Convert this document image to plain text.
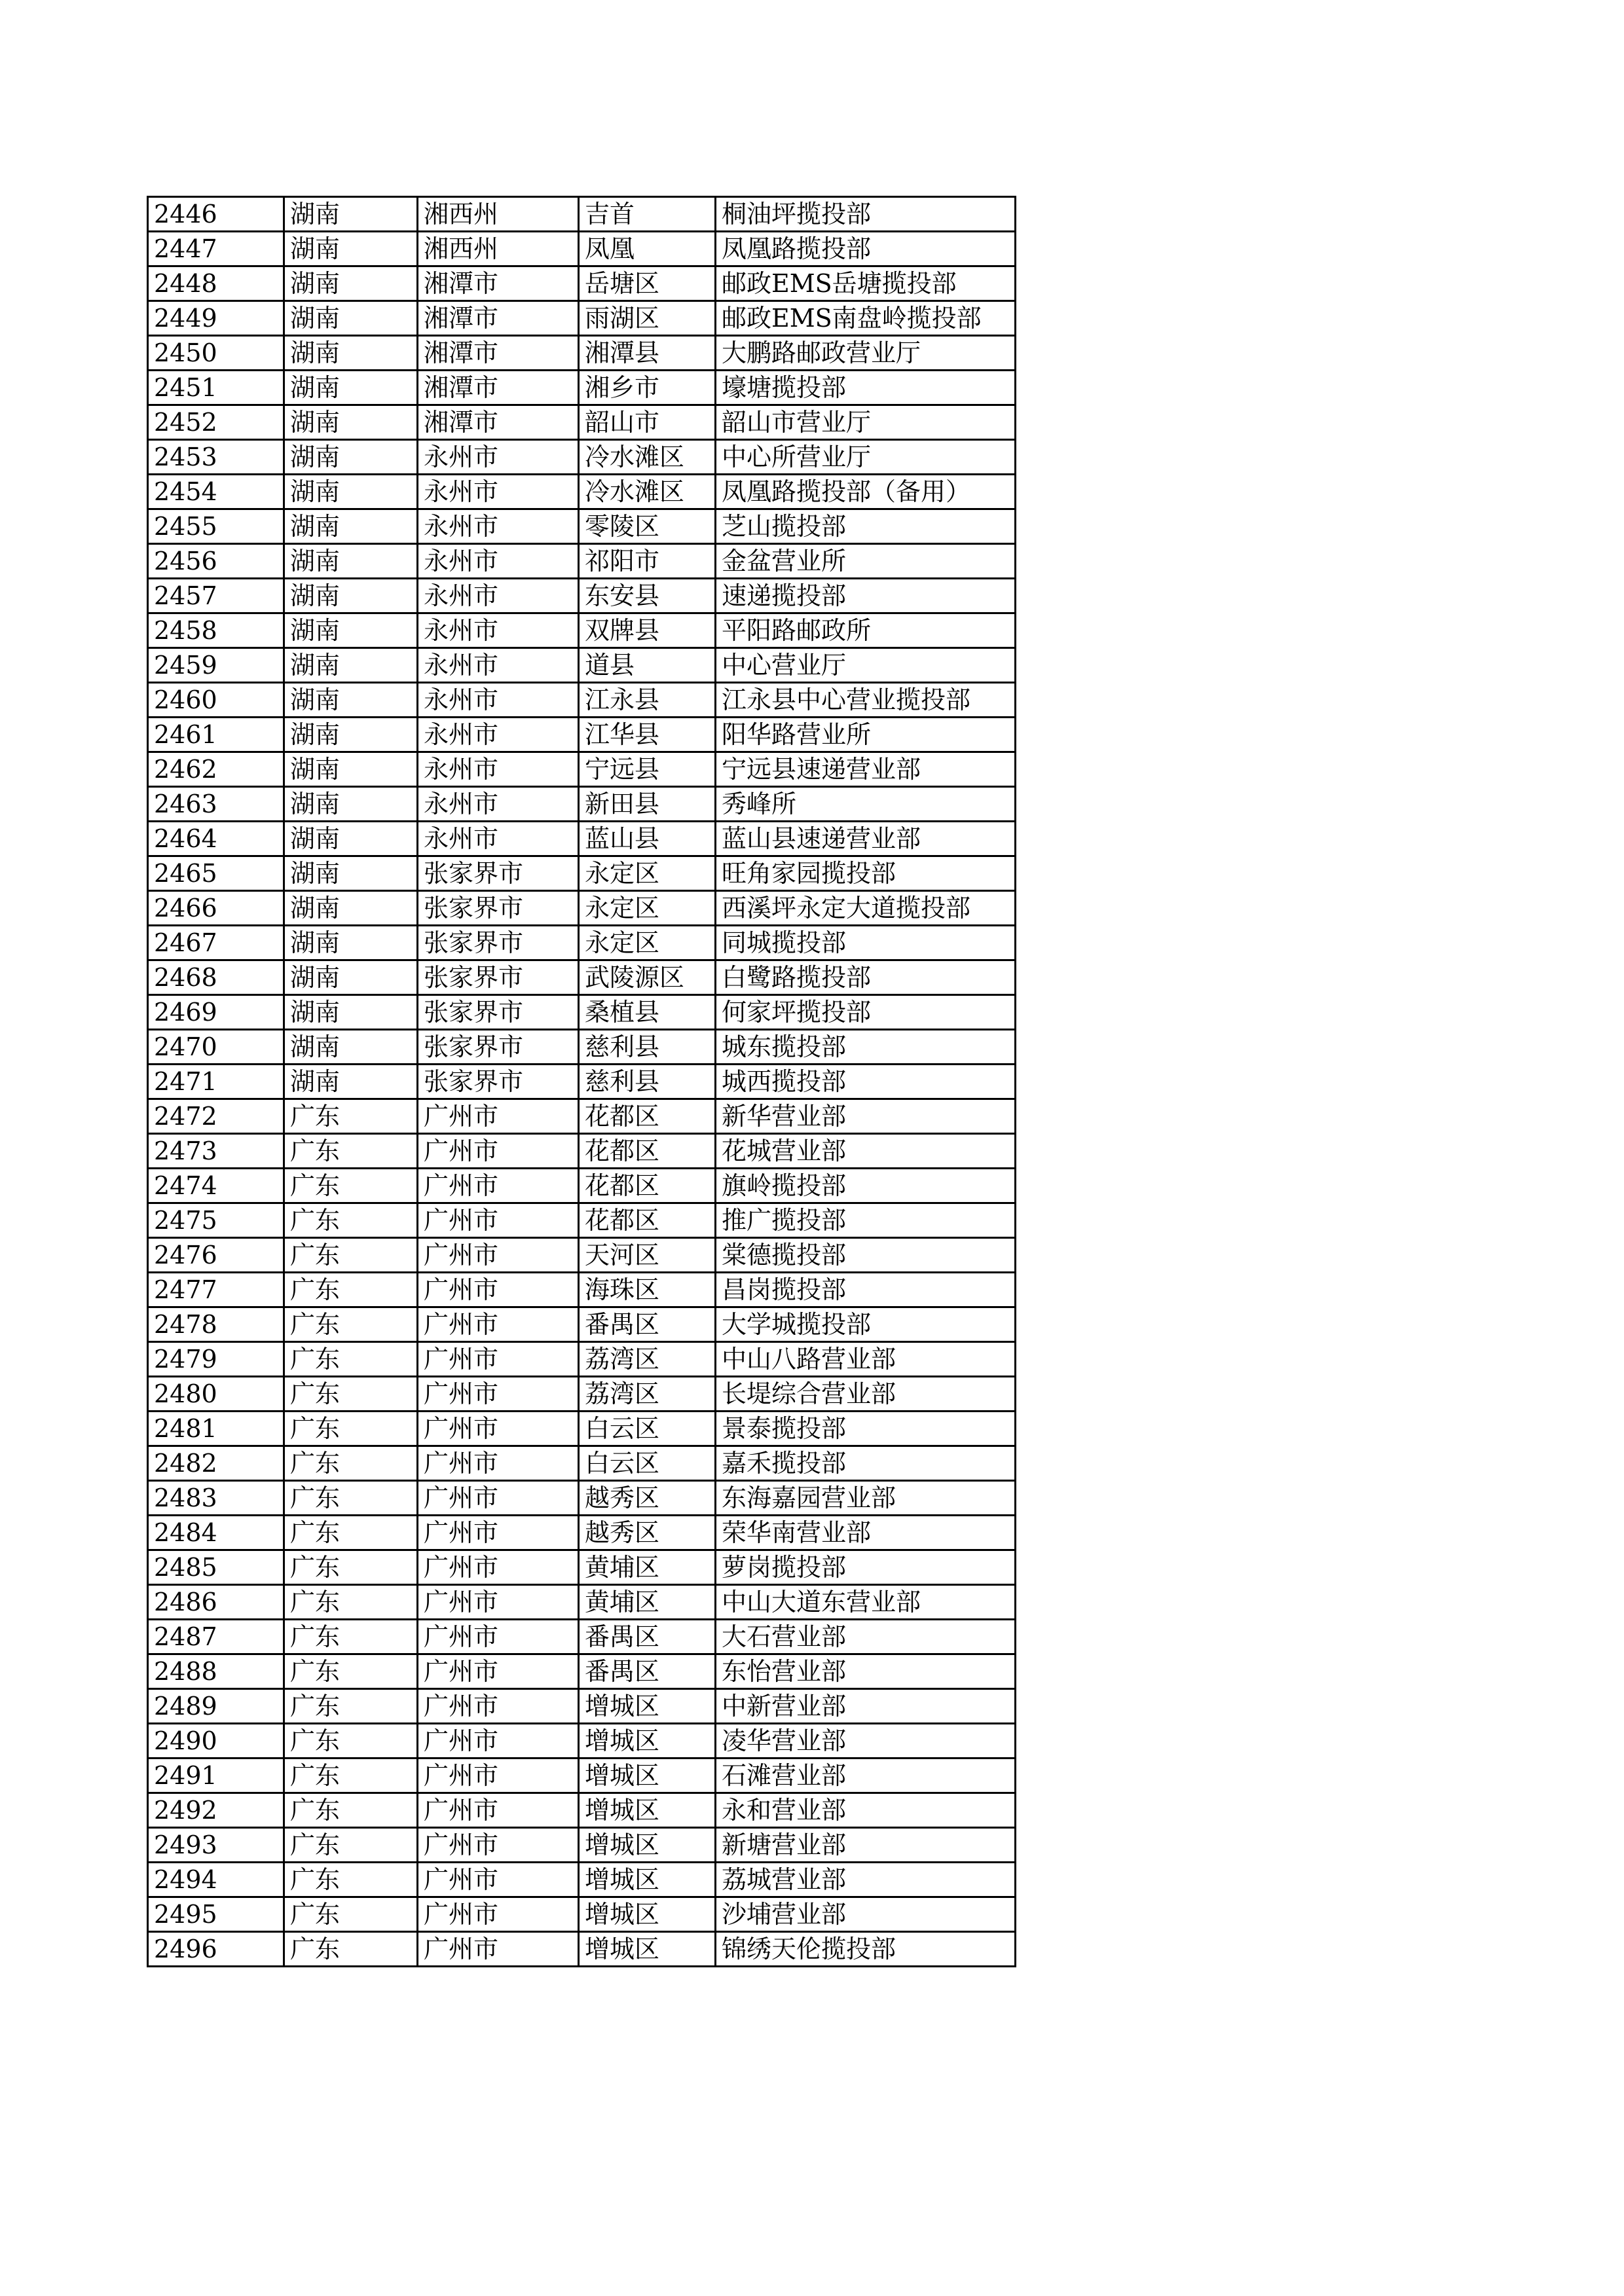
2446	湖南	湘西州	吉首	桐油坪揽投部
2447	湖南	湘西州	凤凰	凤凰路揽投部
2448	湖南	湘潭市	岳塘区	邮政EMS岳塘揽投部
2449	湖南	湘潭市	雨湖区	邮政EMS南盘岭揽投部
2450	湖南	湘潭市	湘潭县	大鹏路邮政营业厅
2451	湖南	湘潭市	湘乡市	壕塘揽投部
2452	湖南	湘潭市	韶山市	韶山市营业厅
2453	湖南	永州市	冷水滩区	中心所营业厅
2454	湖南	永州市	冷水滩区	凤凰路揽投部（备用）
2455	湖南	永州市	零陵区	芝山揽投部
2456	湖南	永州市	祁阳市	金盆营业所
2457	湖南	永州市	东安县	速递揽投部
2458	湖南	永州市	双牌县	平阳路邮政所
2459	湖南	永州市	道县	中心营业厅
2460	湖南	永州市	江永县	江永县中心营业揽投部
2461	湖南	永州市	江华县	阳华路营业所
2462	湖南	永州市	宁远县	宁远县速递营业部
2463	湖南	永州市	新田县	秀峰所
2464	湖南	永州市	蓝山县	蓝山县速递营业部
2465	湖南	张家界市	永定区	旺角家园揽投部
2466	湖南	张家界市	永定区	西溪坪永定大道揽投部
2467	湖南	张家界市	永定区	同城揽投部
2468	湖南	张家界市	武陵源区	白鹭路揽投部
2469	湖南	张家界市	桑植县	何家坪揽投部
2470	湖南	张家界市	慈利县	城东揽投部
2471	湖南	张家界市	慈利县	城西揽投部
2472	广东	广州市	花都区	新华营业部
2473	广东	广州市	花都区	花城营业部
2474	广东	广州市	花都区	旗岭揽投部
2475	广东	广州市	花都区	推广揽投部
2476	广东	广州市	天河区	棠德揽投部
2477	广东	广州市	海珠区	昌岗揽投部
2478	广东	广州市	番禺区	大学城揽投部
2479	广东	广州市	荔湾区	中山八路营业部
2480	广东	广州市	荔湾区	长堤综合营业部
2481	广东	广州市	白云区	景泰揽投部
2482	广东	广州市	白云区	嘉禾揽投部
2483	广东	广州市	越秀区	东海嘉园营业部
2484	广东	广州市	越秀区	荣华南营业部
2485	广东	广州市	黄埔区	萝岗揽投部
2486	广东	广州市	黄埔区	中山大道东营业部
2487	广东	广州市	番禺区	大石营业部
2488	广东	广州市	番禺区	东怡营业部
2489	广东	广州市	增城区	中新营业部
2490	广东	广州市	增城区	凌华营业部
2491	广东	广州市	增城区	石滩营业部
2492	广东	广州市	增城区	永和营业部
2493	广东	广州市	增城区	新塘营业部
2494	广东	广州市	增城区	荔城营业部
2495	广东	广州市	增城区	沙埔营业部
2496	广东	广州市	增城区	锦绣天伦揽投部
